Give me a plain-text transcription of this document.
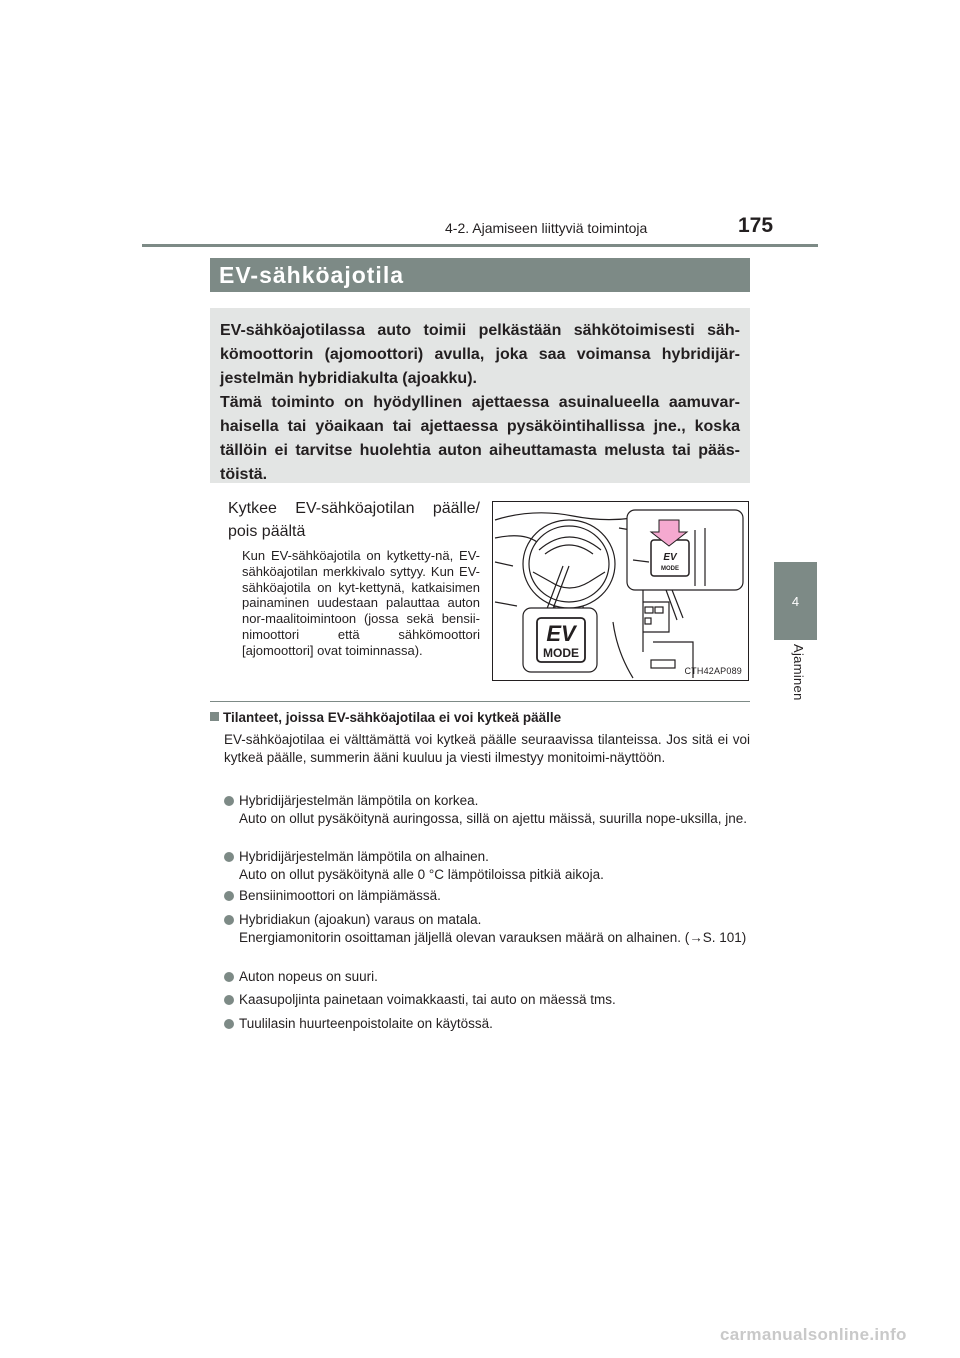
4-2. Ajamiseen liittyviä toimintoja	175
4
Ajaminen
EV-sähköajotila

EV-sähköajotilassa auto toimii pelkästään sähkötoimisesti säh-kömoottorin (ajomoottori) avulla, joka saa voimansa hybridijär-jestelmän hybridiakulta (ajoakku).

Tämä toiminto on hyödyllinen ajettaessa asuinalueella aamuvar-haisella tai yöaikaan tai ajettaessa pysäköintihallissa jne., koska tällöin ei tarvitse huolehtia auton aiheuttamasta melusta tai pääs-töistä.

Kytkee EV-sähköajotilan päälle/ pois päältä
Kun EV-sähköajotila on kytketty-nä, EV-sähköajotilan merkkivalo syttyy. Kun EV-sähköajotila on kyt-kettynä, katkaisimen painaminen uudestaan palauttaa auton nor-maalitoimintoon (jossa sekä bensii-nimoottori että sähkömoottori [ajomoottori] ovat toiminnassa).
EV
MODE
EV
MODE
CTH42AP089
Tilanteet, joissa EV-sähköajotilaa ei voi kytkeä päälle
EV-sähköajotilaa ei välttämättä voi kytkeä päälle seuraavissa tilanteissa. Jos sitä ei voi kytkeä päälle, summerin ääni kuuluu ja viesti ilmestyy monitoimi-näyttöön.
Hybridijärjestelmän lämpötila on korkea.
Auto on ollut pysäköitynä auringossa, sillä on ajettu mäissä, suurilla nope-uksilla, jne.
Hybridijärjestelmän lämpötila on alhainen.
Auto on ollut pysäköitynä alle 0 °C lämpötiloissa pitkiä aikoja.
Bensiinimoottori on lämpiämässä.
Hybridiakun (ajoakun) varaus on matala.
Energiamonitorin osoittaman jäljellä olevan varauksen määrä on alhainen. (→S. 101)
Auton nopeus on suuri.
Kaasupoljinta painetaan voimakkaasti, tai auto on mäessä tms.
Tuulilasin huurteenpoistolaite on käytössä.
carmanualsonline.info
